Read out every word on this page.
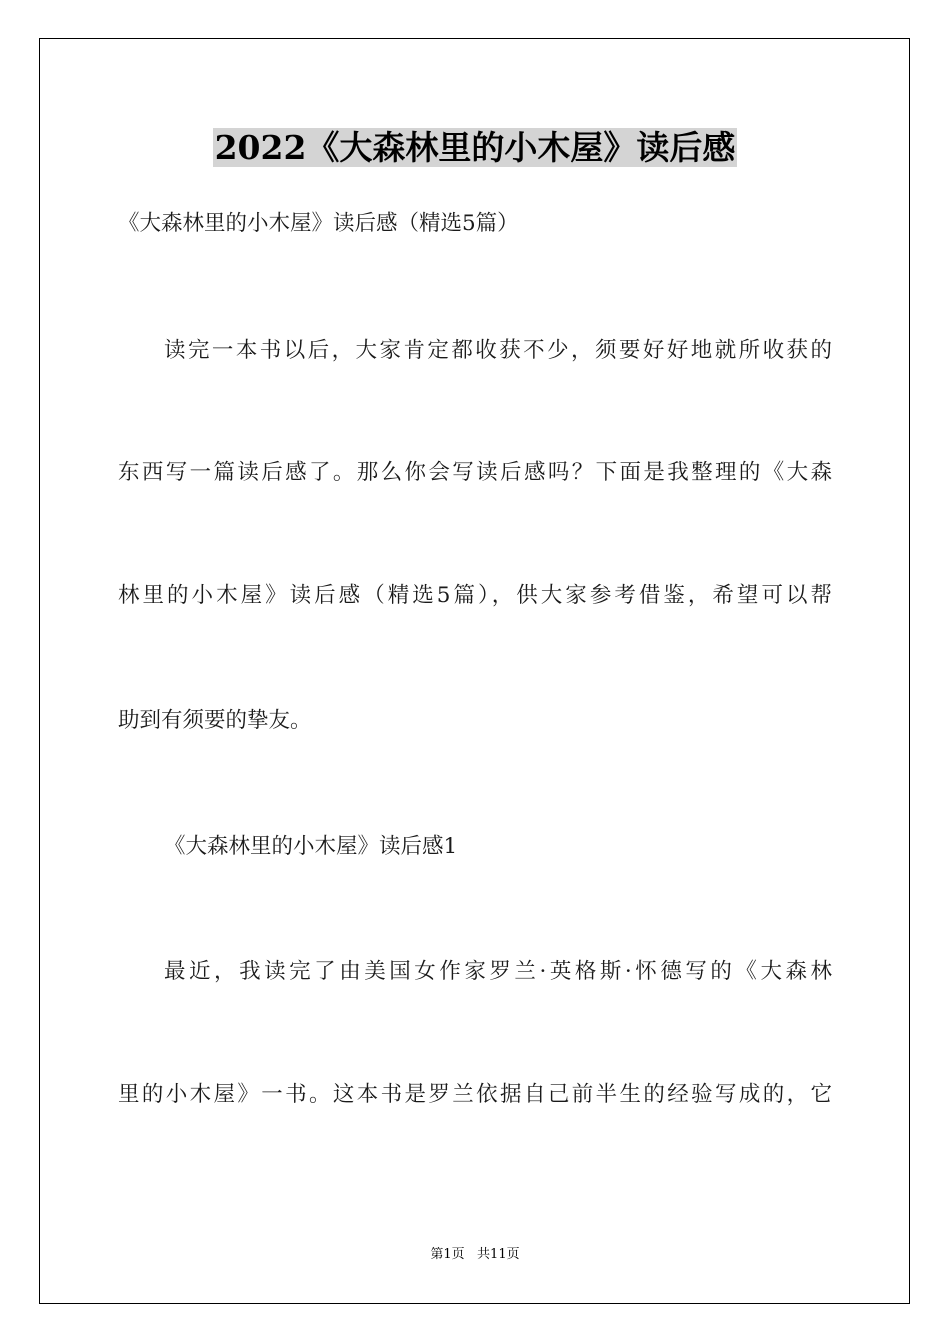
2022《大森林里的小木屋》读后感
《大森林里的小木屋》读后感（精选5篇）
读完一本书以后，大家肯定都收获不少，须要好好地就所收获的
东西写一篇读后感了。那么你会写读后感吗？下面是我整理的《大森
林里的小木屋》读后感（精选5篇），供大家参考借鉴，希望可以帮
助到有须要的挚友。
《大森林里的小木屋》读后感1
最近，我读完了由美国女作家罗兰·英格斯·怀德写的《大森林
里的小木屋》一书。这本书是罗兰依据自己前半生的经验写成的，它
第1页   共11页
